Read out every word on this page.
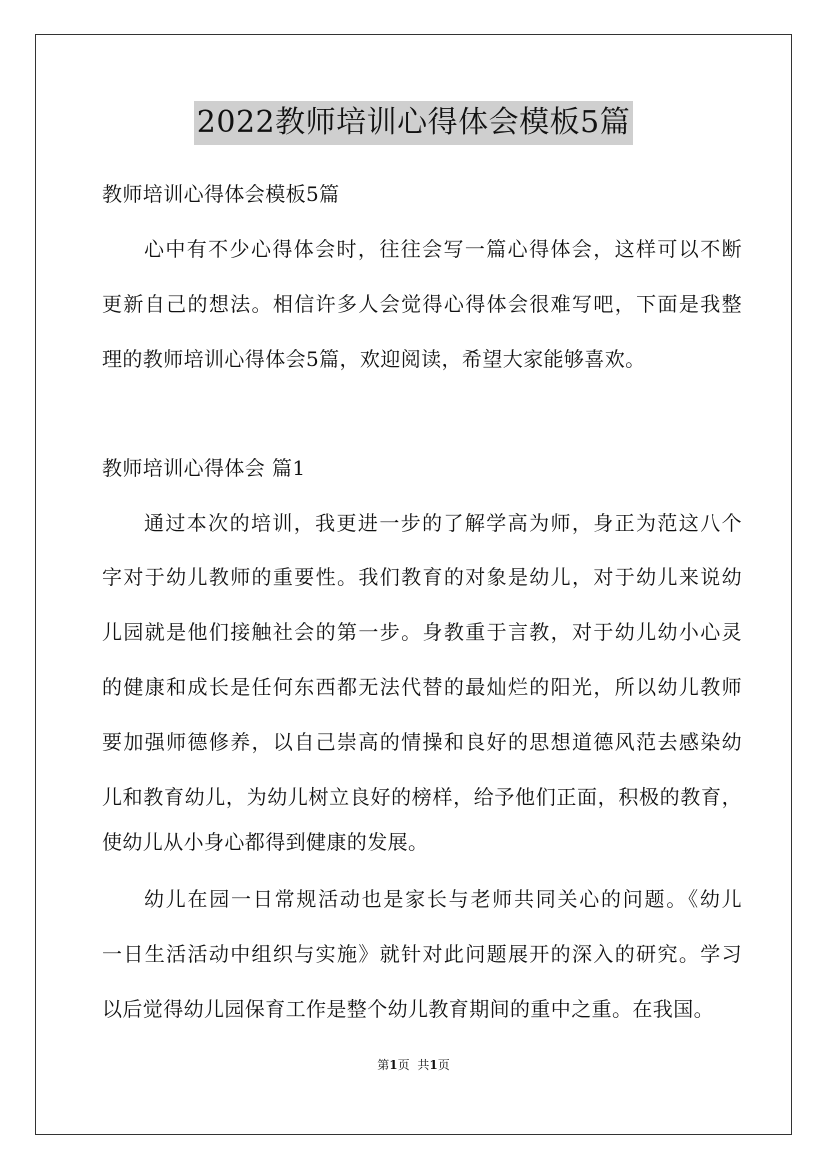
2022教师培训心得体会模板5篇
教师培训心得体会模板5篇
心中有不少心得体会时，往往会写一篇心得体会，这样可以不断
更新自己的想法。相信许多人会觉得心得体会很难写吧，下面是我整
理的教师培训心得体会5篇，欢迎阅读，希望大家能够喜欢。
教师培训心得体会 篇1
通过本次的培训，我更进一步的了解学高为师，身正为范这八个
字对于幼儿教师的重要性。我们教育的对象是幼儿，对于幼儿来说幼
儿园就是他们接触社会的第一步。身教重于言教，对于幼儿幼小心灵
的健康和成长是任何东西都无法代替的最灿烂的阳光，所以幼儿教师
要加强师德修养，以自己崇高的情操和良好的思想道德风范去感染幼
儿和教育幼儿，为幼儿树立良好的榜样，给予他们正面，积极的教育，
使幼儿从小身心都得到健康的发展。
幼儿在园一日常规活动也是家长与老师共同关心的问题。《幼儿
一日生活活动中组织与实施》就针对此问题展开的深入的研究。学习
以后觉得幼儿园保育工作是整个幼儿教育期间的重中之重。在我国。
第1页 共1页
